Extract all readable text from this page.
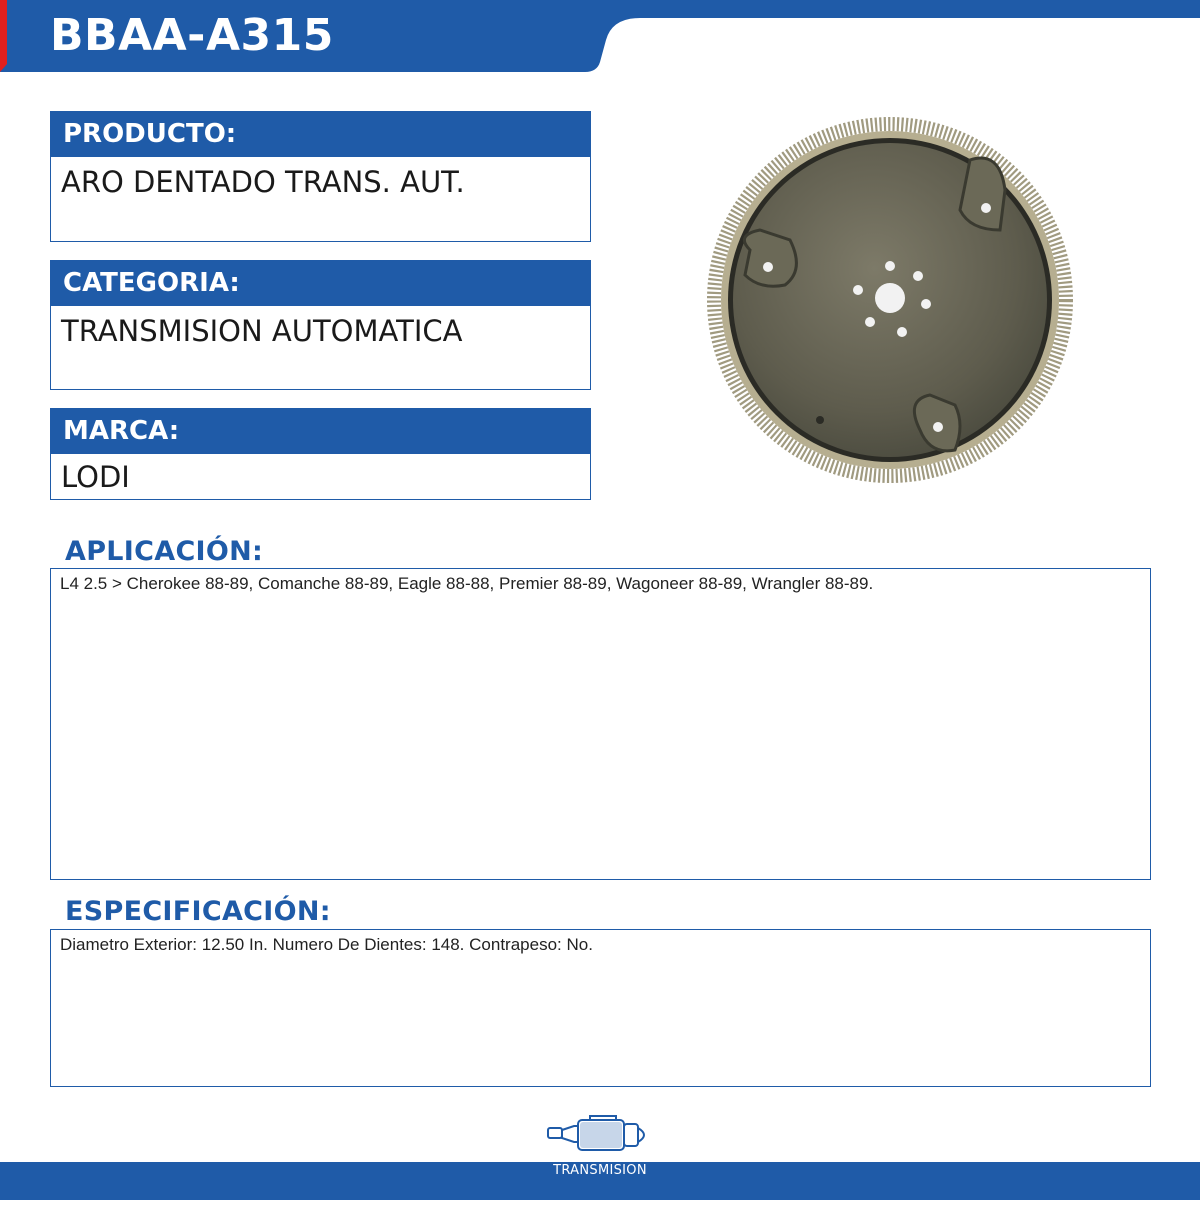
BBAA-A315
PRODUCTO:
ARO DENTADO TRANS. AUT.
CATEGORIA:
TRANSMISION AUTOMATICA
MARCA:
LODI
APLICACIÓN:
L4 2.5 > Cherokee 88-89, Comanche 88-89, Eagle 88-88, Premier 88-89, Wagoneer 88-89, Wrangler 88-89.
ESPECIFICACIÓN:
Diametro Exterior: 12.50 In. Numero De Dientes: 148. Contrapeso: No.
TRANSMISION
